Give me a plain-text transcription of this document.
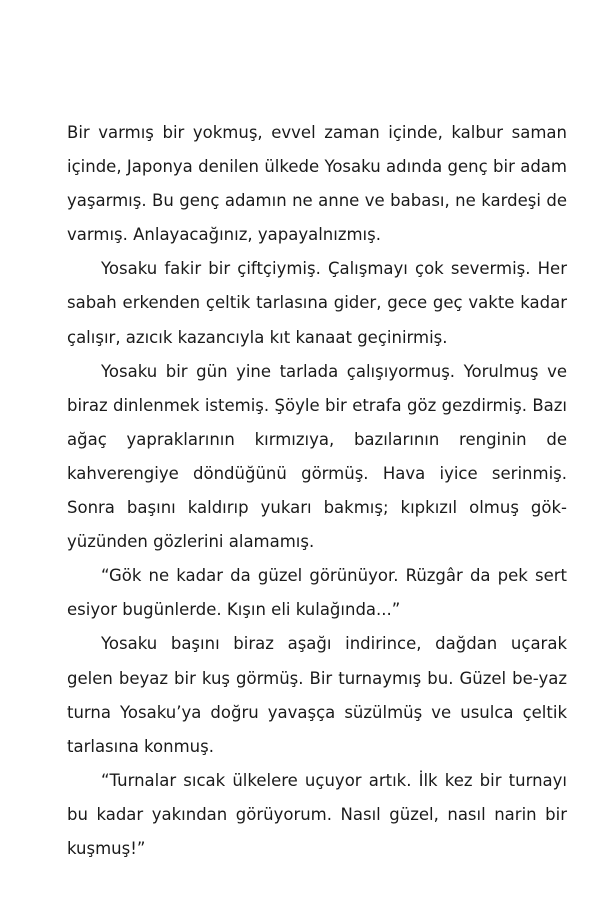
Bir varmış bir yokmuş, evvel zaman içinde, kalbur saman içinde, Japonya denilen ülkede Yosaku adında genç bir adam yaşarmış. Bu genç adamın ne anne ve babası, ne kardeşi de varmış. Anlayacağınız, yapayalnızmış.

Yosaku fakir bir çiftçiymiş. Çalışmayı çok severmiş. Her sabah erkenden çeltik tarlasına gider, gece geç vakte kadar çalışır, azıcık kazancıyla kıt kanaat geçinirmiş.

Yosaku bir gün yine tarlada çalışıyormuş. Yorulmuş ve biraz dinlenmek istemiş. Şöyle bir etrafa göz gezdirmiş. Bazı ağaç yapraklarının kırmızıya, bazılarının renginin de kahverengiye döndüğünü görmüş. Hava iyice serinmiş. Sonra başını kaldırıp yukarı bakmış; kıpkızıl olmuş gök-yüzünden gözlerini alamamış.

“Gök ne kadar da güzel görünüyor. Rüzgâr da pek sert esiyor bugünlerde. Kışın eli kulağında...”

Yosaku başını biraz aşağı indirince, dağdan uçarak gelen beyaz bir kuş görmüş. Bir turnaymış bu. Güzel be-yaz turna Yosaku’ya doğru yavaşça süzülmüş ve usulca çeltik tarlasına konmuş.

“Turnalar sıcak ülkelere uçuyor artık. İlk kez bir turnayı bu kadar yakından görüyorum. Nasıl güzel, nasıl narin bir kuşmuş!”
